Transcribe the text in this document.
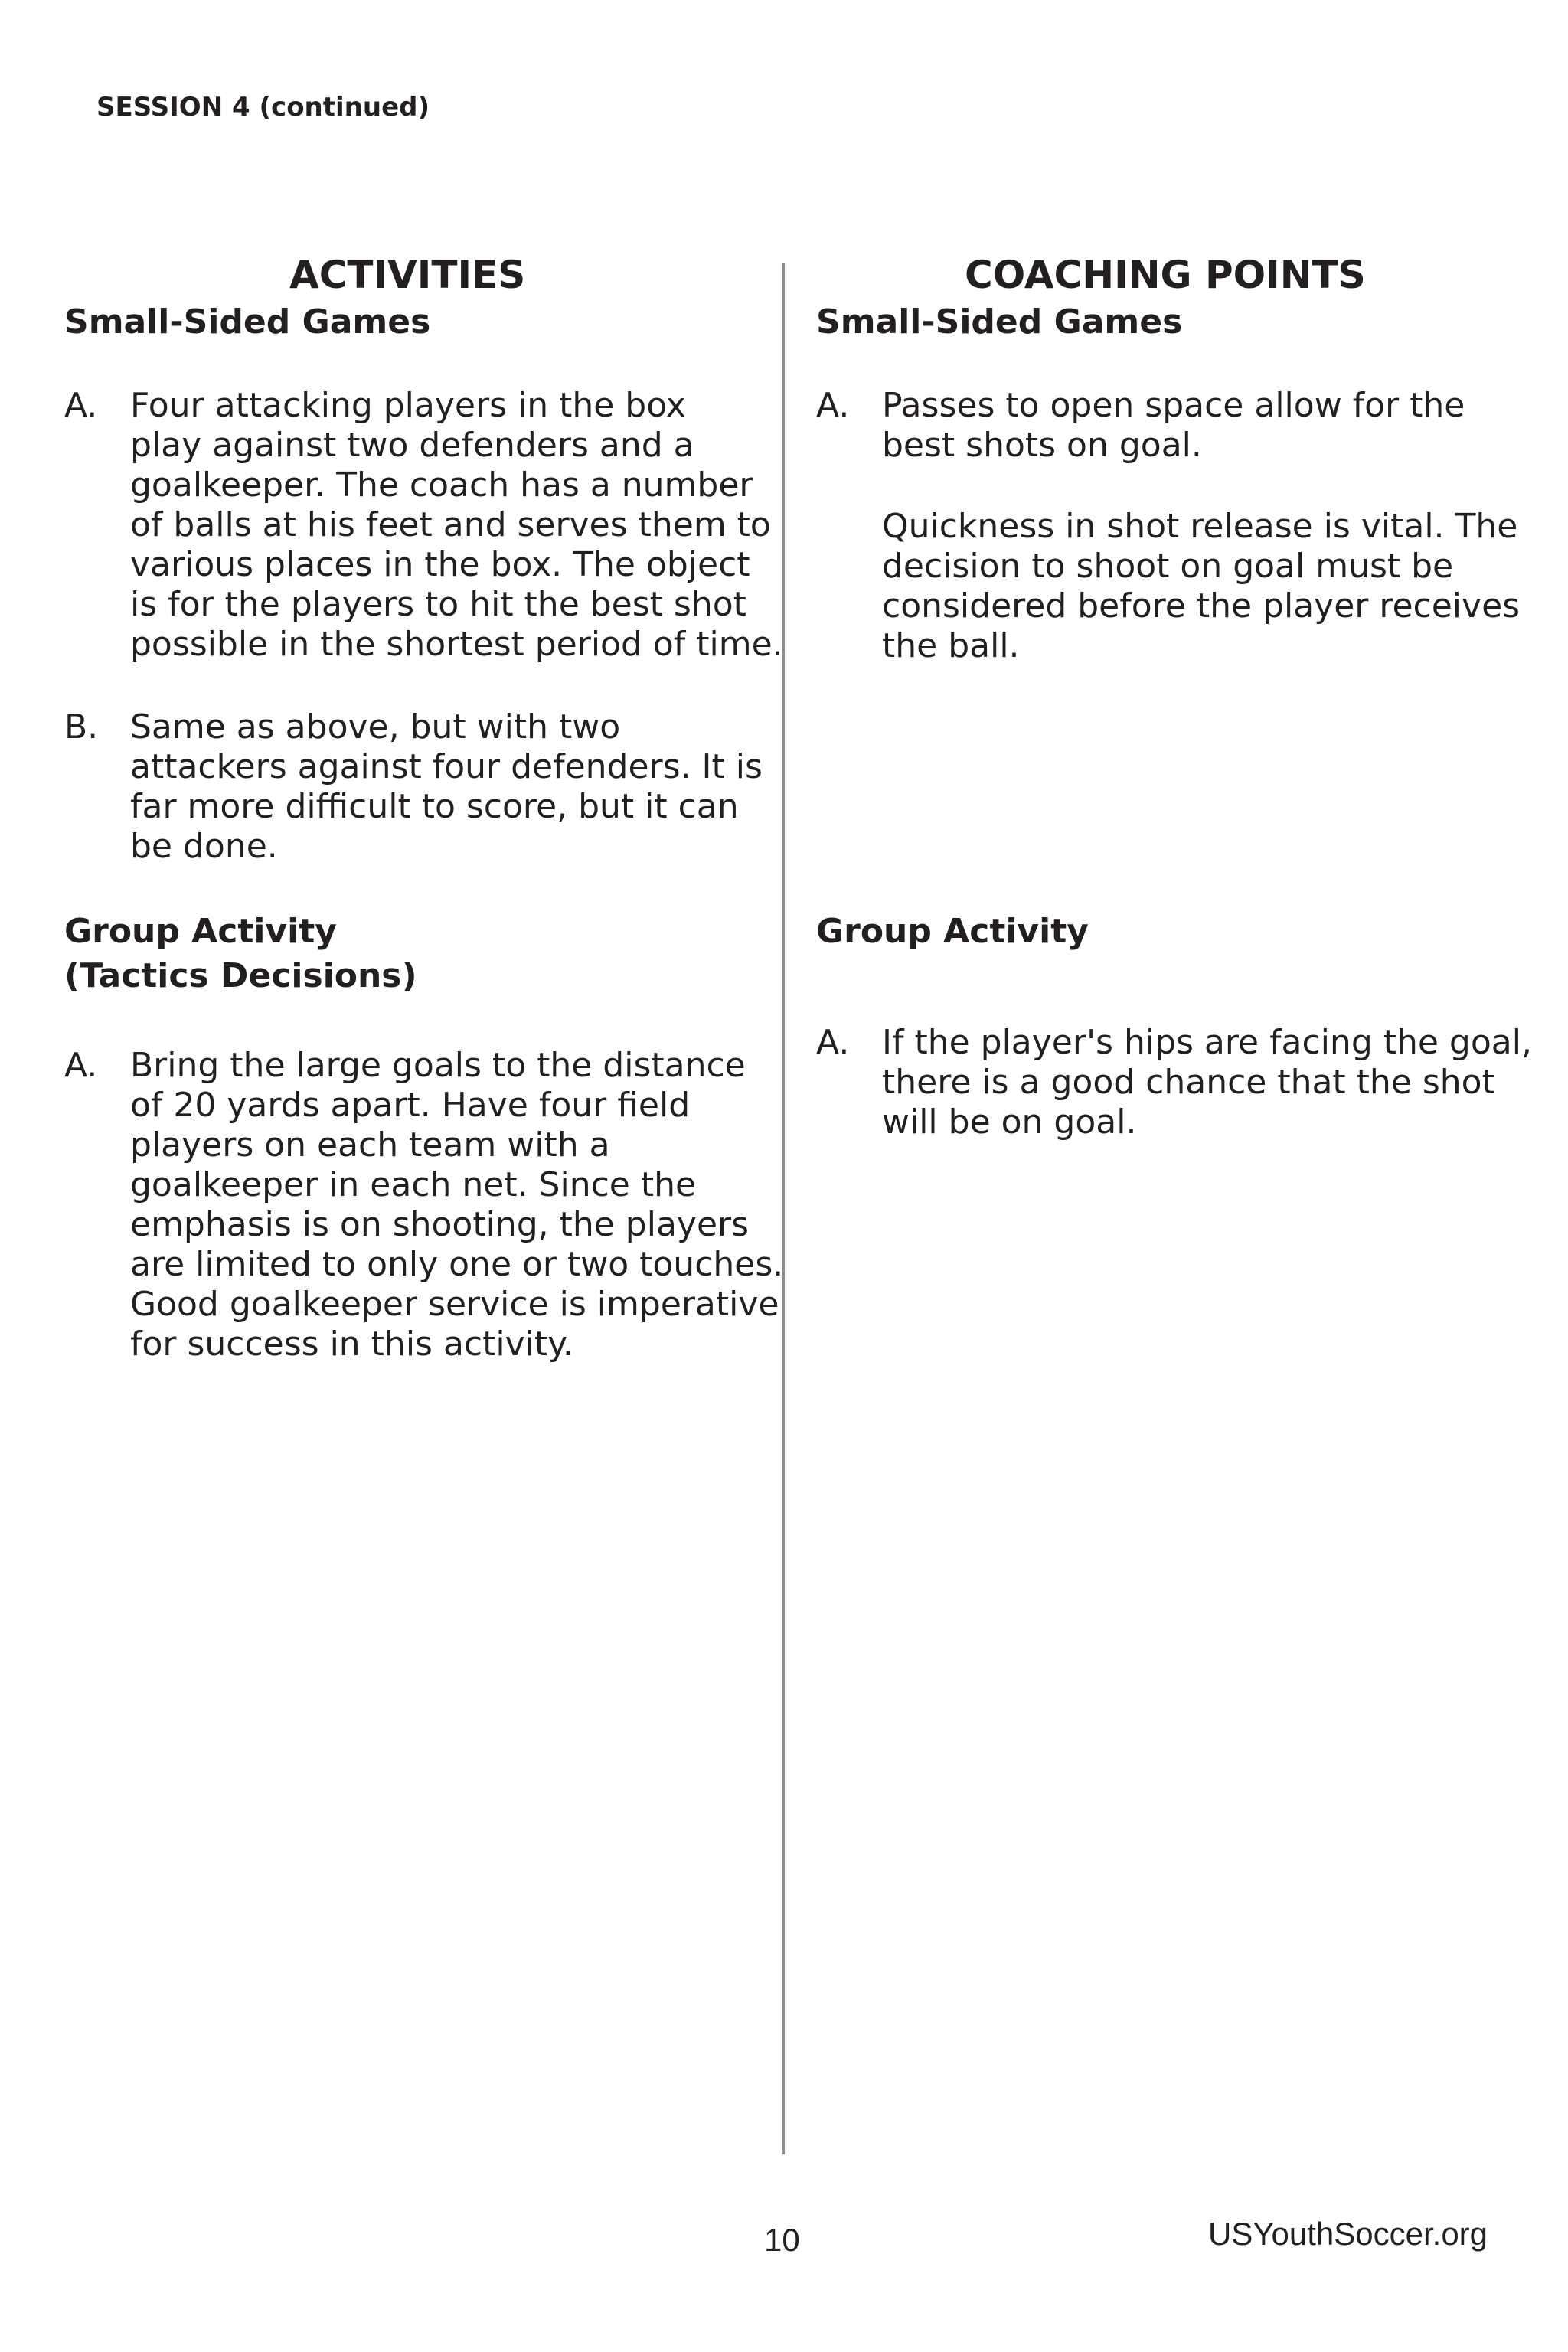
SESSION 4 (continued)
ACTIVITIES
Small-Sided Games
A. Four attacking players in the box
play against two defenders and a
goalkeeper. The coach has a number
of balls at his feet and serves them to
various places in the box. The object
is for the players to hit the best shot
possible in the shortest period of time.
B. Same as above, but with two
attackers against four defenders. It is
far more difficult to score, but it can
be done.
Group Activity
(Tactics Decisions)
A. Bring the large goals to the distance
of 20 yards apart. Have four field
players on each team with a
goalkeeper in each net. Since the
emphasis is on shooting, the players
are limited to only one or two touches.
Good goalkeeper service is imperative
for success in this activity.
COACHING POINTS
Small-Sided Games
A. Passes to open space allow for the
best shots on goal.
Quickness in shot release is vital. The
decision to shoot on goal must be
considered before the player receives
the ball.
Group Activity
A. If the player's hips are facing the goal,
there is a good chance that the shot
will be on goal.
10	USYouthSoccer.org
